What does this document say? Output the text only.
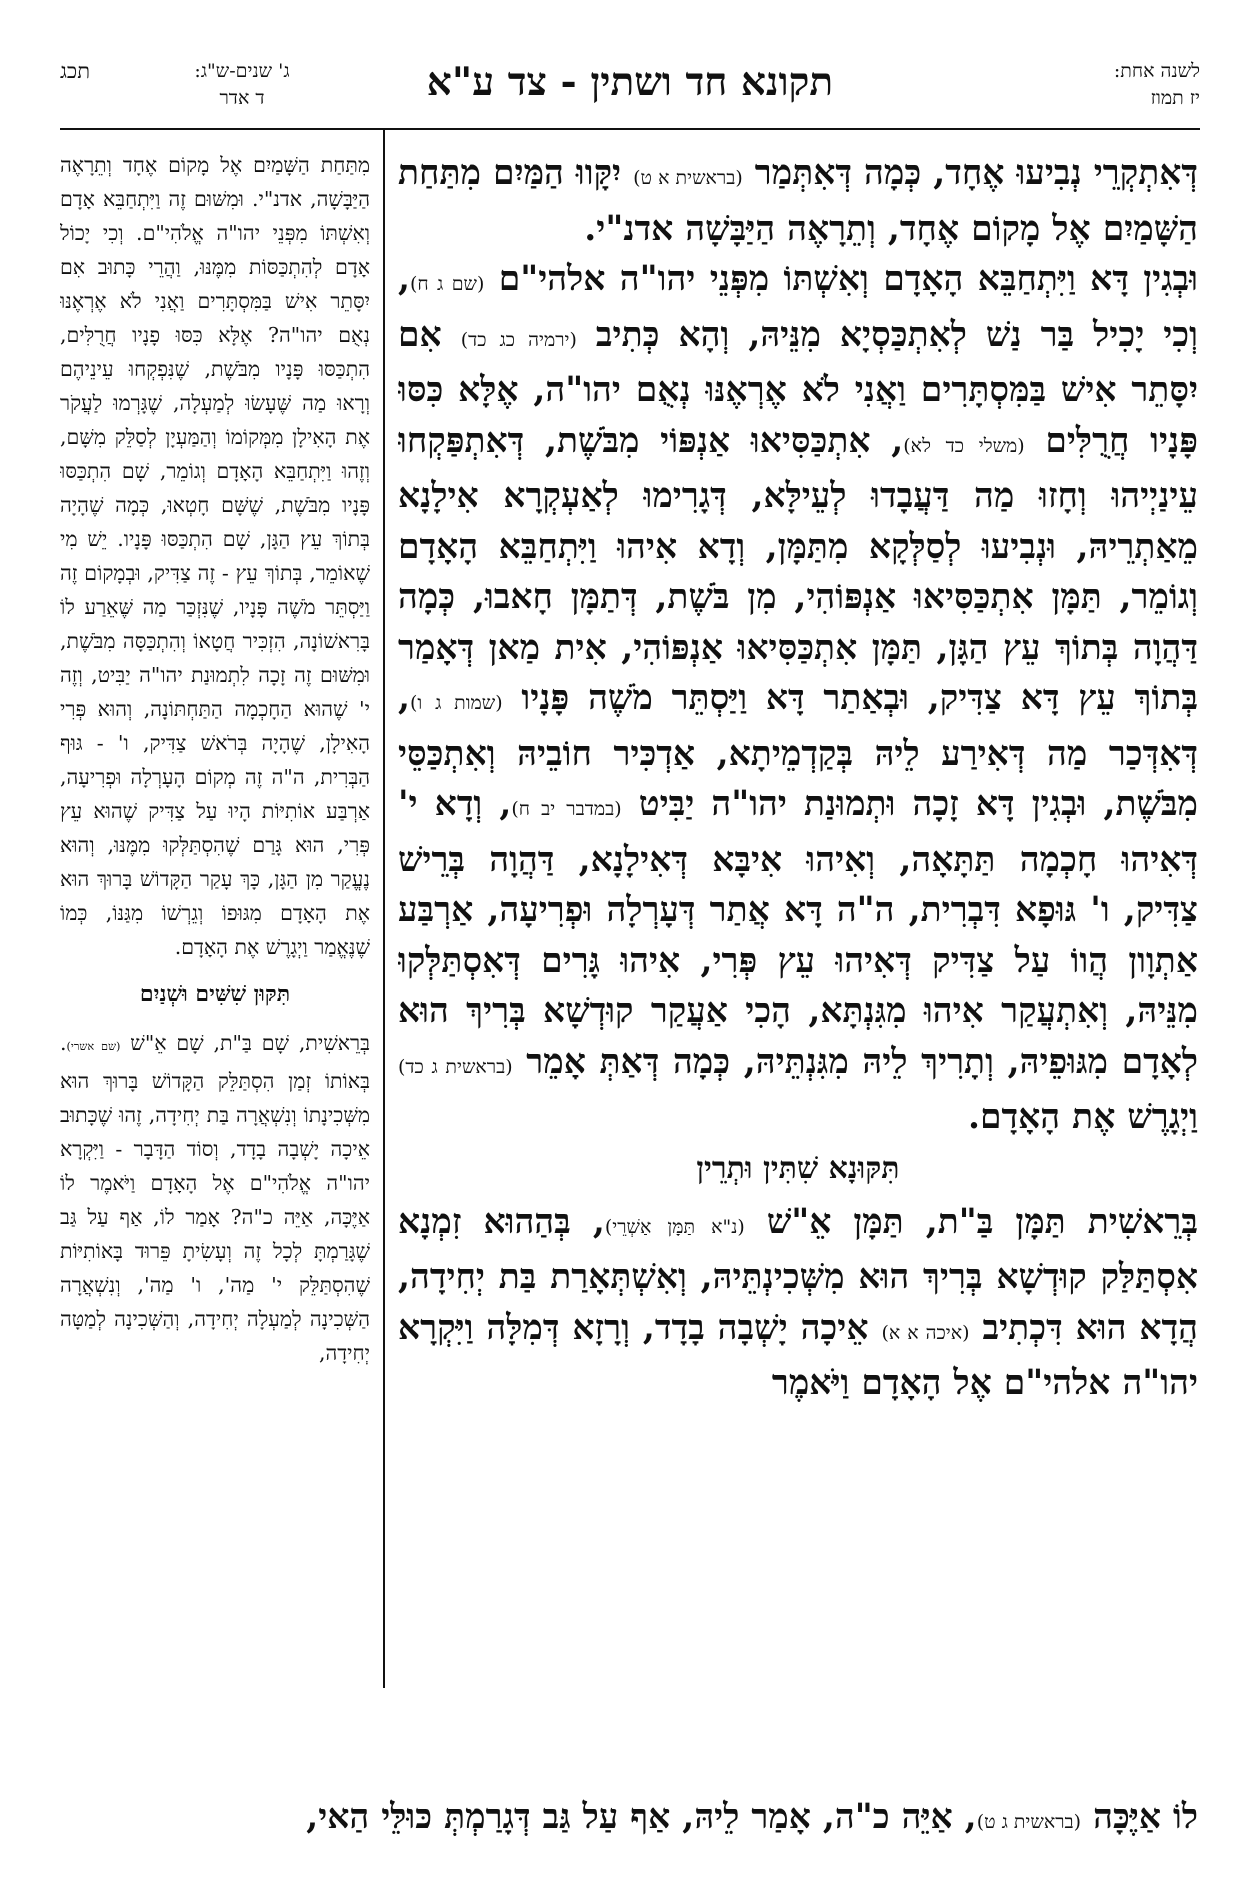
לשנה אחת:
יז תמוז
תקונא חד ושתין - צד ע"א
ג' שנים-ש"ג:
ד אדר
תכג

דְּאִתְקְרֵי נְבִיעוּ אֶחָד, כְּמָה דְּאִתְּמַר (בראשית א ט) יִקָּווּ הַמַּיִם מִתַּחַת הַשָּׁמַיִם אֶל מָקוֹם אֶחָד, וְתֵרָאֶה הַיַּבָּשָׁה אדנ"י.

וּבְגִין דָּא וַיִּתְחַבֵּא הָאָדָם וְאִשְׁתּוֹ מִפְּנֵי יהו"ה אלהי"ם (שם ג ח), וְכִי יָכִיל בַּר נַשׁ לְאִתְכַּסְיָא מִנֵּיהּ, וְהָא כְּתִיב (ירמיה כג כד) אִם יִסָּתֵר אִישׁ בַּמִּסְתָּרִים וַאֲנִי לֹא אֶרְאֶנּוּ נְאֻם יהו"ה, אֶלָּא כִּסּוּ פָּנָיו חֲרֻלִּים (משלי כד לא), אִתְכַּסִּיאוּ אַנְפּוֹי מִבֹּשֶׁת, דְּאִתְפַּקְחוּ עֵינַיְיהוּ וְחָזוּ מַה דַּעֲבָדוּ לְעֵילָּא, דְּגָרִימוּ לְאַעְקְרָא אִילָנָא מֵאַתְרֵיהּ, וּנְבִיעוּ לְסַלְּקָא מִתַּמָּן, וְדָא אִיהוּ וַיִּתְחַבֵּא הָאָדָם וְגוֹמֵר, תַּמָּן אִתְכַּסִּיאוּ אַנְפּוֹהִי, מִן בֹּשֶׁת, דְּתַמָּן חָאבוּ, כְּמָה דַּהֲוָה בְּתוֹךְ עֵץ הַגָּן, תַּמָּן אִתְכַּסִּיאוּ אַנְפּוֹהִי, אִית מַאן דְּאָמַר בְּתוֹךְ עֵץ דָּא צַדִּיק, וּבְאַתַר דָּא וַיַּסְתֵּר מֹשֶׁה פָּנָיו (שמות ג ו), דְּאִדְּכַר מַה דְּאִירַע לֵיהּ בְּקַדְמֵיתָא, אַדְכִּיר חוֹבֵיהּ וְאִתְכַּסֵּי מִבֹּשֶׁת, וּבְגִין דָּא זָכָה וּתְמוּנַת יהו"ה יַבִּיט (במדבר יב ח), וְדָא י' דְּאִיהוּ חָכְמָה תַּתָּאָה, וְאִיהוּ אִיבָּא דְּאִילָנָא, דַּהֲוָה בְּרֵישׁ צַדִּיק, ו' גּוּפָא דִּבְרִית, ה"ה דָּא אֲתַר דְּעָרְלָה וּפְרִיעָה, אַרְבַּע אַתְוָון הֲווֹ עַל צַדִּיק דְּאִיהוּ עֵץ פְּרִי, אִיהוּ גָּרִים דְּאִסְתַּלְּקוּ מִנֵּיהּ, וְאִתְעֲקַר אִיהוּ מִגִּנְתָּא, הָכִי אַעֲקַר קוּדְשָׁא בְּרִיךְ הוּא לְאָדָם מִגּוּפֵיהּ, וְתָרִיךְ לֵיהּ מִגִּנְתֵּיהּ, כְּמָה דְּאַתְּ אָמֵר (בראשית ג כד) וַיְגָרֶשׁ אֶת הָאָדָם.

תִּקּוּנָא שִׁתִּין וּתְרֵין

בְּרֵאשִׁית תַּמָּן בַּ"ת, תַּמָּן אֵ"שׁ (נ"א תַּמָּן אַשְׁרֵי), בְּהַהוּא זִמְנָא אִסְתַּלַּק קוּדְשָׁא בְּרִיךְ הוּא מִשְּׁכִינְתֵּיהּ, וְאִשְׁתְּאָרַת בַּת יְחִידָה, הֲדָא הוּא דִּכְתִיב (איכה א א) אֵיכָה יָשְׁבָה בָדָד, וְרָזָא דְּמִלָּה וַיִּקְרָא יהו"ה אלהי"ם אֶל הָאָדָם וַיֹּאמֶר

מִתַּחַת הַשָּׁמַיִם אֶל מָקוֹם אֶחָד וְתֵרָאֶה הַיַּבָּשָׁה, אדנ"י. וּמִשּׁוּם זֶה וַיִּתְחַבֵּא אָדָם וְאִשְׁתּוֹ מִפְּנֵי יהו"ה אֱלֹהִי"ם. וְכִי יָכוֹל אָדָם לְהִתְכַּסּוֹת מִמֶּנּוּ, וַהֲרֵי כָּתוּב אִם יִסָּתֵר אִישׁ בַּמִּסְתָּרִים וַאֲנִי לֹא אֶרְאֶנּוּ נְאֻם יהו"ה? אֶלָּא כִּסּוּ פָנָיו חֲרֻלִּים, הִתְכַּסּוּ פָּנָיו מִבֹּשֶׁת, שֶׁנִּפְקְחוּ עֵינֵיהֶם וְרָאוּ מַה שֶּׁעָשׂוּ לְמַעְלָה, שֶׁגָּרְמוּ לַעֲקֹר אֶת הָאִילָן מִמְּקוֹמוֹ וְהַמַּעְיָן לְסַלֵּק מִשָּׁם, וְזֶהוּ וַיִּתְחַבֵּא הָאָדָם וְגוֹמֵר, שָׁם הִתְכַּסּוּ פָּנָיו מִבֹּשֶׁת, שֶׁשָּׁם חָטְאוּ, כְּמָה שֶׁהָיָה בְּתוֹךְ עֵץ הַגָּן, שָׁם הִתְכַּסּוּ פָּנָיו. יֵשׁ מִי שֶׁאוֹמֵר, בְּתוֹךְ עֵץ - זֶה צַדִּיק, וּבְמָקוֹם זֶה וַיַּסְתֵּר מֹשֶׁה פָּנָיו, שֶׁנִּזְכַּר מַה שֶּׁאֵרַע לוֹ בָּרִאשׁוֹנָה, הִזְכִּיר חֲטָאוֹ וְהִתְכַּסָּה מִבֹּשֶׁת, וּמִשּׁוּם זֶה זָכָה לִתְמוּנַת יהו"ה יַבִּיט, וְזֶה י' שֶׁהוּא הַחָכְמָה הַתַּחְתּוֹנָה, וְהוּא פְּרִי הָאִילָן, שֶׁהָיָה בְּרֹאשׁ צַדִּיק, ו' - גּוּף הַבְּרִית, ה"ה זֶה מְקוֹם הָעָרְלָה וּפְרִיעָה, אַרְבַּע אוֹתִיּוֹת הָיוּ עַל צַדִּיק שֶׁהוּא עֵץ פְּרִי, הוּא גָּרַם שֶׁהִסְתַּלְּקוּ מִמֶּנּוּ, וְהוּא נֶעֱקַר מִן הַגָּן, כָּךְ עָקַר הַקָּדוֹשׁ בָּרוּךְ הוּא אֶת הָאָדָם מִגּוּפוֹ וְגֵרְשׁוֹ מִגַּנּוֹ, כְּמוֹ שֶׁנֶּאֱמַר וַיְגָרֶשׁ אֶת הָאָדָם.

תִּקּוּן שִׁשִּׁים וּשְׁנַיִם

בְּרֵאשִׁית, שָׁם בַּ"ת, שָׁם אֵ"שׁ (שם אשרי). בְּאוֹתוֹ זְמַן הִסְתַּלֵּק הַקָּדוֹשׁ בָּרוּךְ הוּא מִשְּׁכִינָתוֹ וְנִשְׁאֲרָה בַּת יְחִידָה, זֶהוּ שֶׁכָּתוּב אֵיכָה יָשְׁבָה בָדָד, וְסוֹד הַדָּבָר - וַיִּקְרָא יהו"ה אֱלֹהִי"ם אֶל הָאָדָם וַיֹּאמֶר לוֹ אַיֶּכָּה, אַיֵּה כ"ה? אָמַר לוֹ, אַף עַל גַּב שֶׁגָּרַמְתָּ לְכָל זֶה וְעָשִׂיתָ פֵּרוּד בָּאוֹתִיּוֹת שֶׁהִסְתַּלֵּק י' מַה', ו' מַה', וְנִשְׁאֲרָה הַשְּׁכִינָה לְמַעְלָה יְחִידָה, וְהַשְּׁכִינָה לְמַטָּה יְחִידָה,

לוֹ אַיֶּכָּה (בראשית ג ט), אַיֵּה כ"ה, אָמַר לֵיהּ, אַף עַל גַּב דְּגָרַמְתְּ כּוּלֵּי הַאי,
